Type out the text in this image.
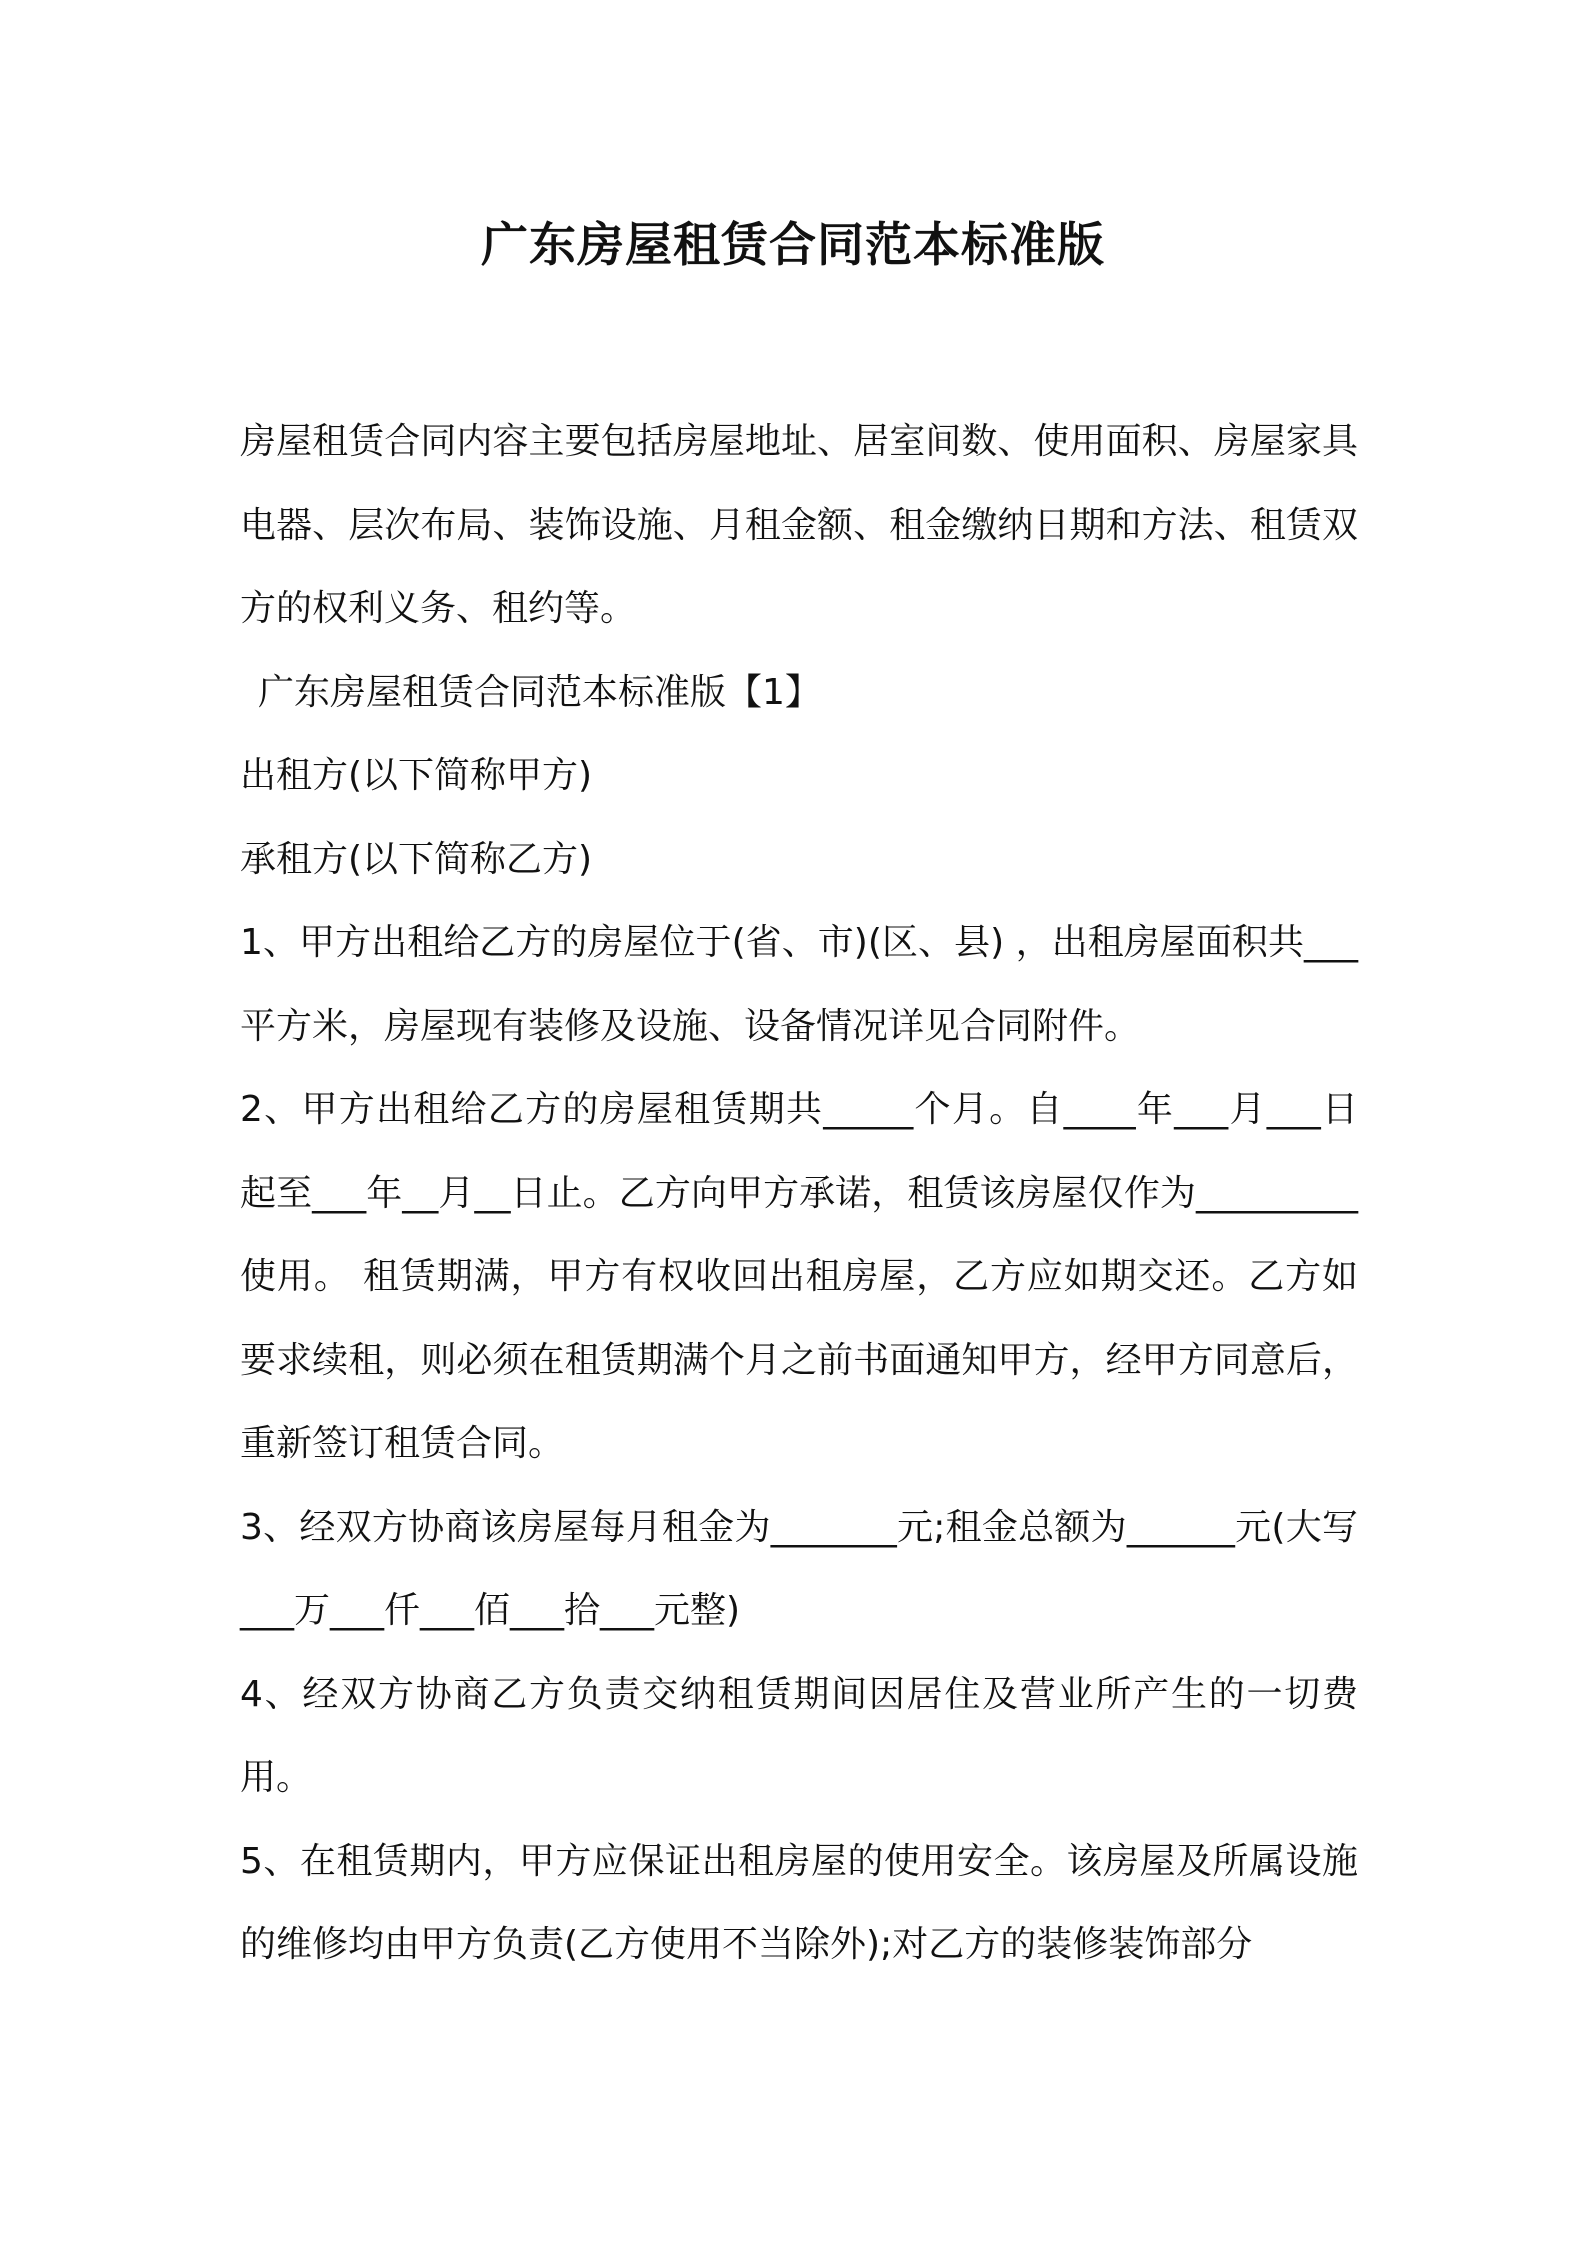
广东房屋租赁合同范本标准版

房屋租赁合同内容主要包括房屋地址、居室间数、使用面积、房屋家具电器、层次布局、装饰设施、月租金额、租金缴纳日期和方法、租赁双方的权利义务、租约等。

广东房屋租赁合同范本标准版【1】

出租方(以下简称甲方)

承租方(以下简称乙方)

1、甲方出租给乙方的房屋位于(省、市)(区、县) ，出租房屋面积共___平方米，房屋现有装修及设施、设备情况详见合同附件。

2、甲方出租给乙方的房屋租赁期共_____个月。自____年___月___日起至___年__月__日止。乙方向甲方承诺，租赁该房屋仅作为_________使用。 租赁期满，甲方有权收回出租房屋，乙方应如期交还。乙方如要求续租，则必须在租赁期满个月之前书面通知甲方，经甲方同意后，重新签订租赁合同。

3、经双方协商该房屋每月租金为_______元;租金总额为______元(大写___万___仟___佰___拾___元整)

4、经双方协商乙方负责交纳租赁期间因居住及营业所产生的一切费用。

5、在租赁期内，甲方应保证出租房屋的使用安全。该房屋及所属设施的维修均由甲方负责(乙方使用不当除外);对乙方的装修装饰部分
